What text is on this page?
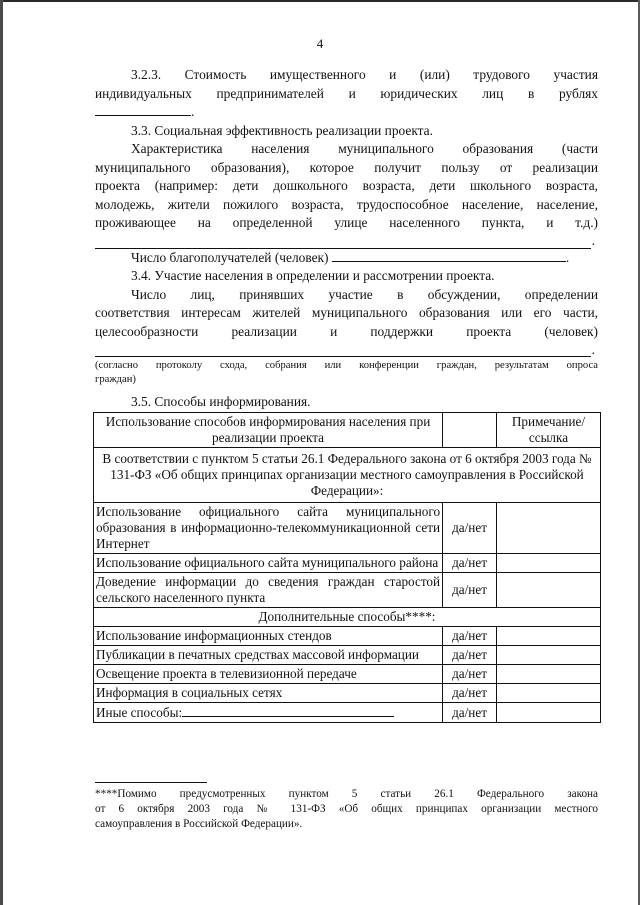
4

3.2.3. Стоимость имущественного и (или) трудового участия

индивидуальных предпринимателей и юридических лиц в рублях

.

3.3. Социальная эффективность реализации проекта.

Характеристика населения муниципального образования (части

муниципального образования), которое получит пользу от реализации

проекта (например: дети дошкольного возраста, дети школьного возраста,

молодежь, жители пожилого возраста, трудоспособное население, население,

проживающее на определенной улице населенного пункта, и т.д.)

.

Число благополучателей (человек)	.

3.4. Участие населения в определении и рассмотрении проекта.

Число лиц, принявших участие в обсуждении, определении

соответствия интересам жителей муниципального образования или его части,

целесообразности реализации и поддержки проекта (человек)

.
(согласно протоколу схода, собрания или конференции граждан, результатам опроса
граждан)

3.5. Способы информирования.

Использование способов информирования населения при реализации проекта		Примечание/ ссылка
В соответствии с пунктом 5 статьи 26.1 Федерального закона от 6 октября 2003 года № 131-ФЗ «Об общих принципах организации местного самоуправления в Российской Федерации»:		
Использование официального сайта муниципального образования в информационно-телекоммуникационной сети Интернет	да/нет	
Использование официального сайта муниципального района	да/нет	
Доведение информации до сведения граждан старостой сельского населенного пункта	да/нет	
Дополнительные способы****:		
Использование информационных стендов	да/нет	
Публикации в печатных средствах массовой информации	да/нет	
Освещение проекта в телевизионной передаче	да/нет	
Информация в социальных сетях	да/нет	
Иные способы:	да/нет	
****Помимо предусмотренных пунктом 5 статьи 26.1 Федерального закона
от 6 октября 2003 года № 131-ФЗ «Об общих принципах организации местного
самоуправления в Российской Федерации».
